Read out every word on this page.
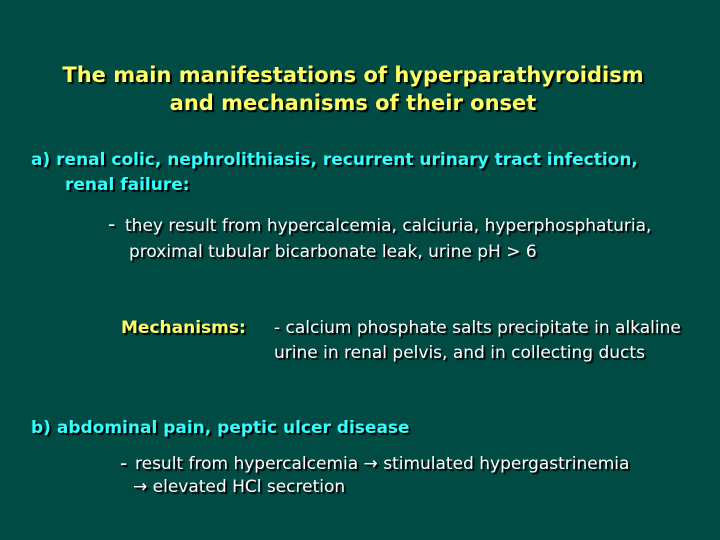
The main manifestations of hyperparathyroidism
and mechanisms of their onset
a) renal colic, nephrolithiasis, recurrent urinary tract infection,
renal failure:
- they result from hypercalcemia, calciuria, hyperphosphaturia,
proximal tubular bicarbonate leak, urine pH > 6
Mechanisms: - calcium phosphate salts precipitate in alkaline
urine in renal pelvis, and in collecting ducts
b) abdominal pain, peptic ulcer disease
- result from hypercalcemia → stimulated hypergastrinemia
→ elevated HCl secretion
